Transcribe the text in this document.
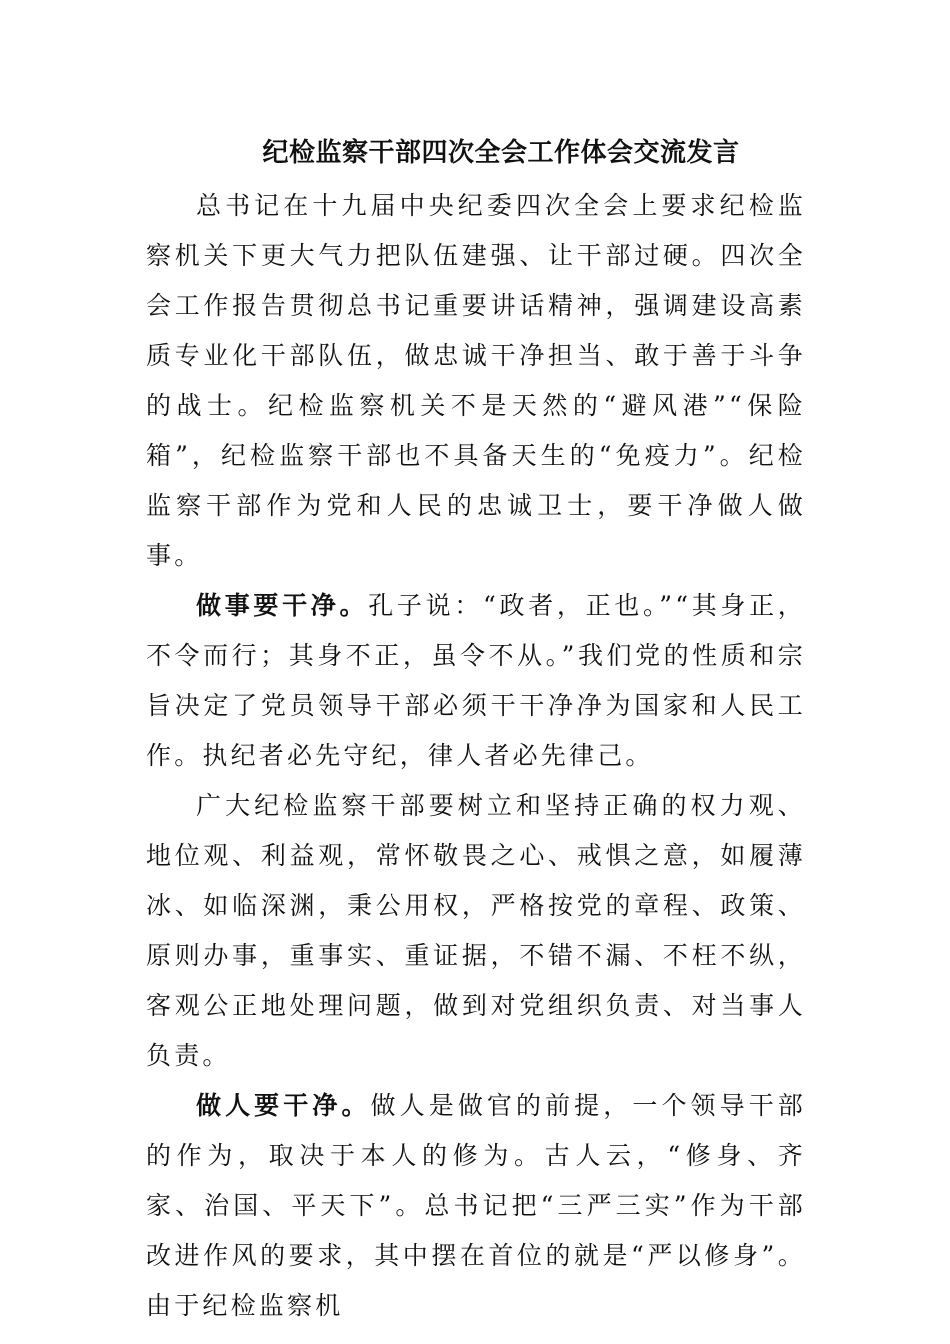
纪检监察干部四次全会工作体会交流发言

总书记在十九届中央纪委四次全会上要求纪检监察机关下更大气力把队伍建强、让干部过硬。四次全会工作报告贯彻总书记重要讲话精神，强调建设高素质专业化干部队伍，做忠诚干净担当、敢于善于斗争的战士。纪检监察机关不是天然的“避风港”“保险箱”，纪检监察干部也不具备天生的“免疫力”。纪检监察干部作为党和人民的忠诚卫士，要干净做人做事。

做事要干净。孔子说：“政者，正也。”“其身正，不令而行；其身不正，虽令不从。”我们党的性质和宗旨决定了党员领导干部必须干干净净为国家和人民工作。执纪者必先守纪，律人者必先律己。

广大纪检监察干部要树立和坚持正确的权力观、地位观、利益观，常怀敬畏之心、戒惧之意，如履薄冰、如临深渊，秉公用权，严格按党的章程、政策、原则办事，重事实、重证据，不错不漏、不枉不纵，客观公正地处理问题，做到对党组织负责、对当事人负责。

做人要干净。做人是做官的前提，一个领导干部的作为，取决于本人的修为。古人云，“修身、齐家、治国、平天下”。总书记把“三严三实”作为干部改进作风的要求，其中摆在首位的就是“严以修身”。由于纪检监察机
